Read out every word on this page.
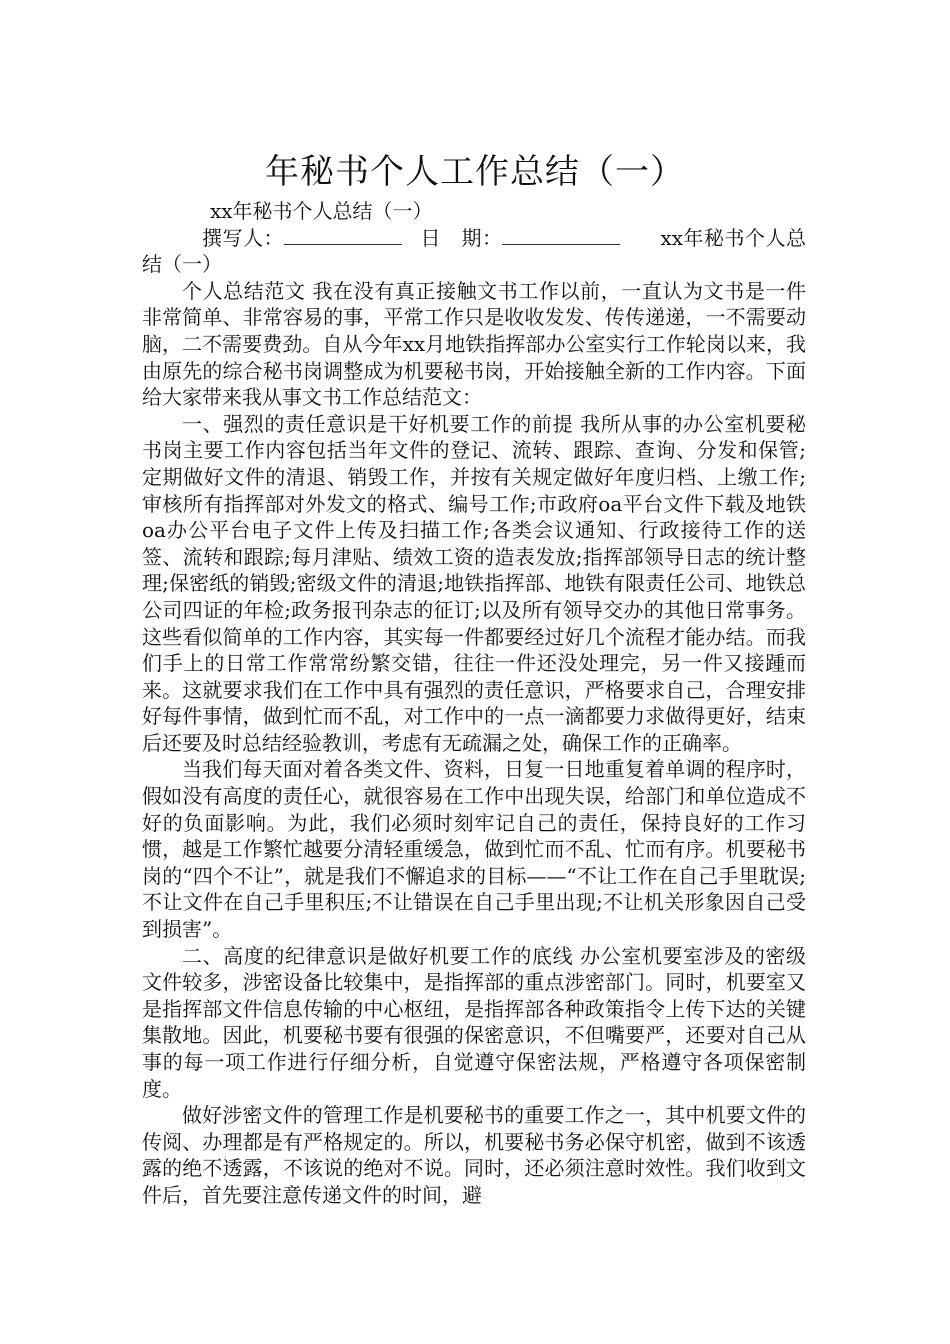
年秘书个人工作总结（一）

xx年秘书个人总结（一）

撰写人：	日　期：	xx年秘书个人总结（一）

个人总结范文 我在没有真正接触文书工作以前，一直认为文书是一件非常简单、非常容易的事，平常工作只是收收发发、传传递递，一不需要动脑，二不需要费劲。自从今年xx月地铁指挥部办公室实行工作轮岗以来，我由原先的综合秘书岗调整成为机要秘书岗，开始接触全新的工作内容。下面给大家带来我从事文书工作总结范文：

一、强烈的责任意识是干好机要工作的前提 我所从事的办公室机要秘书岗主要工作内容包括当年文件的登记、流转、跟踪、查询、分发和保管;定期做好文件的清退、销毁工作，并按有关规定做好年度归档、上缴工作;审核所有指挥部对外发文的格式、编号工作;市政府oa平台文件下载及地铁oa办公平台电子文件上传及扫描工作;各类会议通知、行政接待工作的送签、流转和跟踪;每月津贴、绩效工资的造表发放;指挥部领导日志的统计整理;保密纸的销毁;密级文件的清退;地铁指挥部、地铁有限责任公司、地铁总公司四证的年检;政务报刊杂志的征订;以及所有领导交办的其他日常事务。这些看似简单的工作内容，其实每一件都要经过好几个流程才能办结。而我们手上的日常工作常常纷繁交错，往往一件还没处理完，另一件又接踵而来。这就要求我们在工作中具有强烈的责任意识，严格要求自己，合理安排好每件事情，做到忙而不乱，对工作中的一点一滴都要力求做得更好，结束后还要及时总结经验教训，考虑有无疏漏之处，确保工作的正确率。

当我们每天面对着各类文件、资料，日复一日地重复着单调的程序时，假如没有高度的责任心，就很容易在工作中出现失误，给部门和单位造成不好的负面影响。为此，我们必须时刻牢记自己的责任，保持良好的工作习惯，越是工作繁忙越要分清轻重缓急，做到忙而不乱、忙而有序。机要秘书岗的“四个不让”，就是我们不懈追求的目标——“不让工作在自己手里耽误;不让文件在自己手里积压;不让错误在自己手里出现;不让机关形象因自己受到损害”。

二、高度的纪律意识是做好机要工作的底线 办公室机要室涉及的密级文件较多，涉密设备比较集中，是指挥部的重点涉密部门。同时，机要室又是指挥部文件信息传输的中心枢纽，是指挥部各种政策指令上传下达的关键集散地。因此，机要秘书要有很强的保密意识，不但嘴要严，还要对自己从事的每一项工作进行仔细分析，自觉遵守保密法规，严格遵守各项保密制度。

做好涉密文件的管理工作是机要秘书的重要工作之一，其中机要文件的传阅、办理都是有严格规定的。所以，机要秘书务必保守机密，做到不该透露的绝不透露，不该说的绝对不说。同时，还必须注意时效性。我们收到文件后，首先要注意传递文件的时间，避
